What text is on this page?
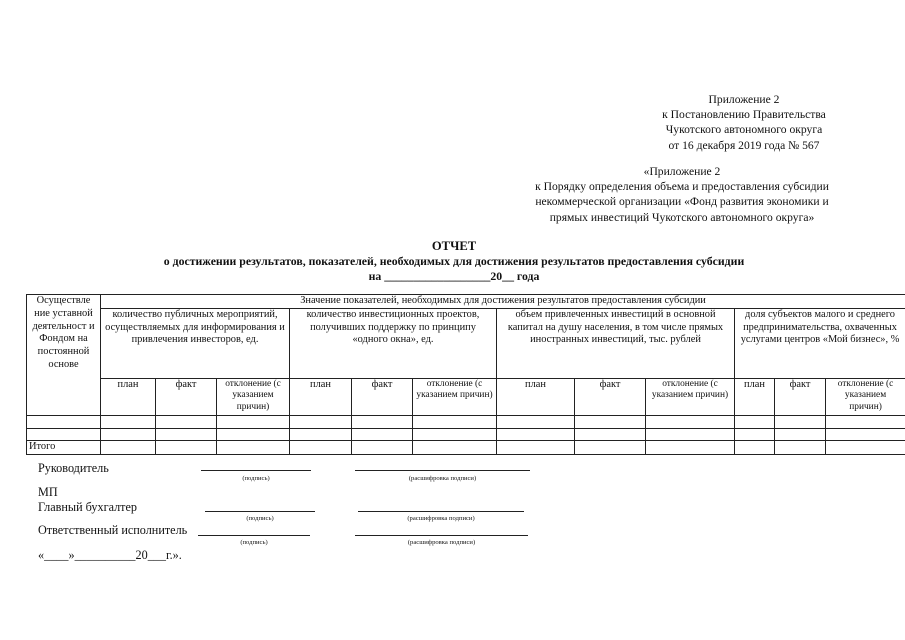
Приложение 2
к Постановлению Правительства
Чукотского автономного округа
от 16 декабря 2019 года № 567
«Приложение 2
к Порядку определения объема и предоставления субсидии
некоммерческой организации «Фонд развития экономики и
прямых инвестиций Чукотского автономного округа»
ОТЧЕТ
о достижении результатов, показателей, необходимых для достижения результатов предоставления субсидии
на __________________20__ года
Осуществле ние уставной деятельност и Фондом на постоянной основе	Значение показателей, необходимых для достижения результатов предоставления субсидии											
	количество публичных мероприятий, осуществляемых для информирования и привлечения инвесторов, ед.			количество инвестиционных проектов, получивших поддержку по принципу «одного окна», ед.			объем привлеченных инвестиций в основной капитал на душу населения, в том числе прямых иностранных инвестиций, тыс. рублей			доля субъектов малого и среднего предпринимательства, охваченных услугами центров «Мой бизнес», %		
	план	факт	отклонение (с указанием причин)	план	факт	отклонение (с указанием причин)	план	факт	отклонение (с указанием причин)	план	факт	отклонение (с указанием причин)

Итого												
Руководитель
(подпись)	(расшифровка подписи)
МП
Главный бухгалтер
(подпись)	(расшифровка подписи)
Ответственный исполнитель
(подпись)	(расшифровка подписи)
«____»__________20___г.».
